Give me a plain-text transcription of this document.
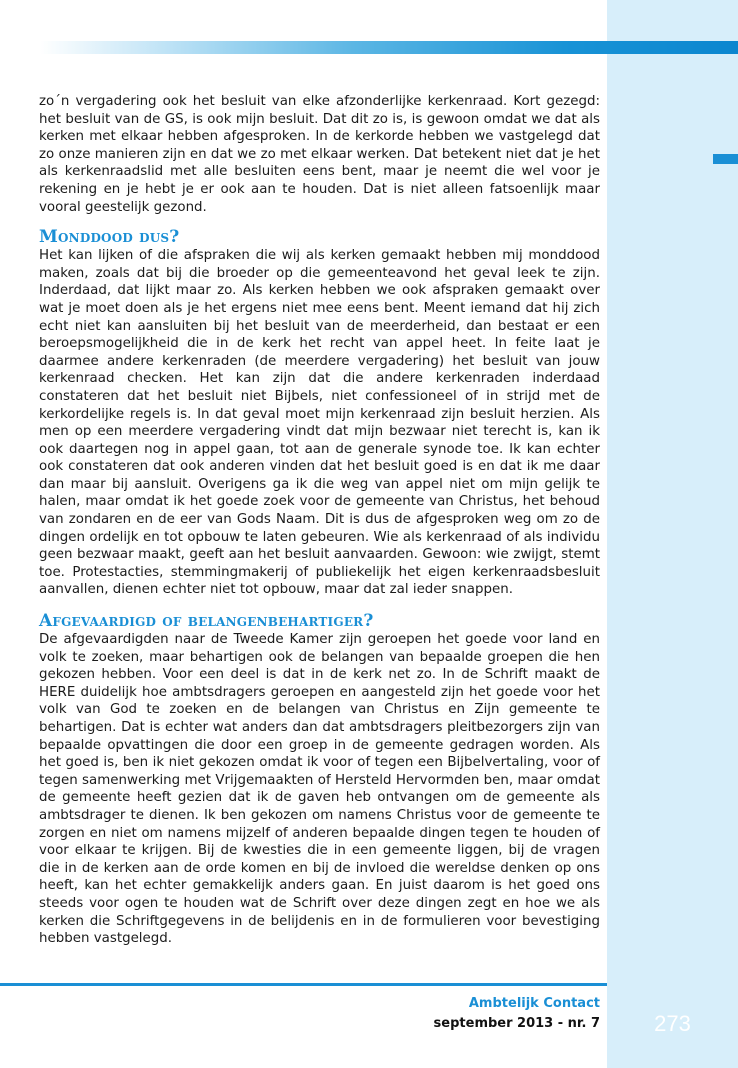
zo´n vergadering ook het besluit van elke afzonderlijke kerkenraad. Kort gezegd: het besluit van de GS, is ook mijn besluit. Dat dit zo is, is gewoon omdat we dat als kerken met elkaar hebben afgesproken. In de kerkorde hebben we vastgelegd dat zo onze manieren zijn en dat we zo met elkaar werken. Dat betekent niet dat je het als kerkenraadslid met alle besluiten eens bent, maar je neemt die wel voor je rekening en je hebt je er ook aan te houden. Dat is niet alleen fatsoenlijk maar vooral geestelijk gezond.

Monddood dus?

Het kan lijken of die afspraken die wij als kerken gemaakt hebben mij monddood maken, zoals dat bij die broeder op die gemeenteavond het geval leek te zijn. Inderdaad, dat lijkt maar zo. Als kerken hebben we ook afspraken gemaakt over wat je moet doen als je het ergens niet mee eens bent. Meent iemand dat hij zich echt niet kan aansluiten bij het besluit van de meerderheid, dan bestaat er een beroepsmogelijkheid die in de kerk het recht van appel heet. In feite laat je daarmee andere kerkenraden (de meerdere vergadering) het besluit van jouw kerkenraad checken. Het kan zijn dat die andere kerkenraden inderdaad constateren dat het besluit niet Bijbels, niet confessioneel of in strijd met de kerkordelijke regels is. In dat geval moet mijn kerkenraad zijn besluit herzien. Als men op een meerdere vergadering vindt dat mijn bezwaar niet terecht is, kan ik ook daartegen nog in appel gaan, tot aan de generale synode toe. Ik kan echter ook constateren dat ook anderen vinden dat het besluit goed is en dat ik me daar dan maar bij aansluit. Overigens ga ik die weg van appel niet om mijn gelijk te halen, maar omdat ik het goede zoek voor de gemeente van Christus, het behoud van zondaren en de eer van Gods Naam. Dit is dus de afgesproken weg om zo de dingen ordelijk en tot opbouw te laten gebeuren. Wie als kerkenraad of als individu geen bezwaar maakt, geeft aan het besluit aanvaarden. Gewoon: wie zwijgt, stemt toe. Protestacties, stemmingmakerij of publiekelijk het eigen kerkenraadsbesluit aanvallen, dienen echter niet tot opbouw, maar dat zal ieder snappen.

Afgevaardigd of belangenbehartiger?

De afgevaardigden naar de Tweede Kamer zijn geroepen het goede voor land en volk te zoeken, maar behartigen ook de belangen van bepaalde groepen die hen gekozen hebben. Voor een deel is dat in de kerk net zo. In de Schrift maakt de HERE duidelijk hoe ambtsdragers geroepen en aangesteld zijn het goede voor het volk van God te zoeken en de belangen van Christus en Zijn gemeente te behartigen. Dat is echter wat anders dan dat ambtsdragers pleitbezorgers zijn van bepaalde opvattingen die door een groep in de gemeente gedragen worden. Als het goed is, ben ik niet gekozen omdat ik voor of tegen een Bijbelvertaling, voor of tegen samenwerking met Vrijgemaakten of Hersteld Hervormden ben, maar omdat de gemeente heeft gezien dat ik de gaven heb ontvangen om de gemeente als ambtsdrager te dienen. Ik ben gekozen om namens Christus voor de gemeente te zorgen en niet om namens mijzelf of anderen bepaalde dingen tegen te houden of voor elkaar te krijgen. Bij de kwesties die in een gemeente liggen, bij de vragen die in de kerken aan de orde komen en bij de invloed die wereldse denken op ons heeft, kan het echter gemakkelijk anders gaan. En juist daarom is het goed ons steeds voor ogen te houden wat de Schrift over deze dingen zegt en hoe we als kerken die Schriftgegevens in de belijdenis en in de formulieren voor bevestiging hebben vastgelegd.

Ambtelijk Contact
september 2013 - nr. 7	273
